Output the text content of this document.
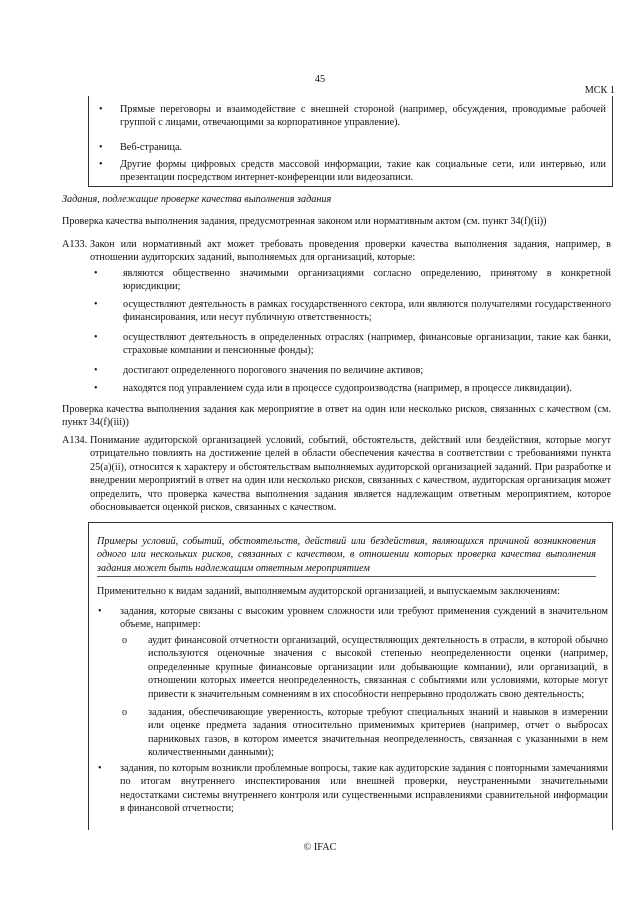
45
МСК 1
• Прямые переговоры и взаимодействие с внешней стороной (например, обсуждения, проводимые рабочей группой с лицами, отвечающими за корпоративное управление).
• Веб-страница.
• Другие формы цифровых средств массовой информации, такие как социальные сети, или интервью, или презентации посредством интернет-конференции или видеозаписи.
Задания, подлежащие проверке качества выполнения задания
Проверка качества выполнения задания, предусмотренная законом или нормативным актом (см. пункт 34(f)(ii))
A133. Закон или нормативный акт может требовать проведения проверки качества выполнения задания, например, в отношении аудиторских заданий, выполняемых для организаций, которые:
• являются общественно значимыми организациями согласно определению, принятому в конкретной юрисдикции;
• осуществляют деятельность в рамках государственного сектора, или являются получателями государственного финансирования, или несут публичную ответственность;
• осуществляют деятельность в определенных отраслях (например, финансовые организации, такие как банки, страховые компании и пенсионные фонды);
• достигают определенного порогового значения по величине активов;
• находятся под управлением суда или в процессе судопроизводства (например, в процессе ликвидации).
Проверка качества выполнения задания как мероприятие в ответ на один или несколько рисков, связанных с качеством (см. пункт 34(f)(iii))
A134. Понимание аудиторской организацией условий, событий, обстоятельств, действий или бездействия, которые могут отрицательно повлиять на достижение целей в области обеспечения качества в соответствии с требованиями пункта 25(a)(ii), относится к характеру и обстоятельствам выполняемых аудиторской организацией заданий. При разработке и внедрении мероприятий в ответ на один или несколько рисков, связанных с качеством, аудиторская организация может определить, что проверка качества выполнения задания является надлежащим ответным мероприятием, которое обосновывается оценкой рисков, связанных с качеством.
Примеры условий, событий, обстоятельств, действий или бездействия, являющихся причиной возникновения одного или нескольких рисков, связанных с качеством, в отношении которых проверка качества выполнения задания может быть надлежащим ответным мероприятием
Применительно к видам заданий, выполняемым аудиторской организацией, и выпускаемым заключениям:
• задания, которые связаны с высоким уровнем сложности или требуют применения суждений в значительном объеме, например:
o аудит финансовой отчетности организаций, осуществляющих деятельность в отрасли, в которой обычно используются оценочные значения с высокой степенью неопределенности оценки (например, определенные крупные финансовые организации или добывающие компании), или организаций, в отношении которых имеется неопределенность, связанная с событиями или условиями, которые могут привести к значительным сомнениям в их способности непрерывно продолжать свою деятельность;
o задания, обеспечивающие уверенность, которые требуют специальных знаний и навыков в измерении или оценке предмета задания относительно применимых критериев (например, отчет о выбросах парниковых газов, в котором имеется значительная неопределенность, связанная с указанными в нем количественными данными);
• задания, по которым возникли проблемные вопросы, такие как аудиторские задания с повторными замечаниями по итогам внутреннего инспектирования или внешней проверки, неустраненными значительными недостатками системы внутреннего контроля или существенными исправлениями сравнительной информации в финансовой отчетности;
© IFAC
